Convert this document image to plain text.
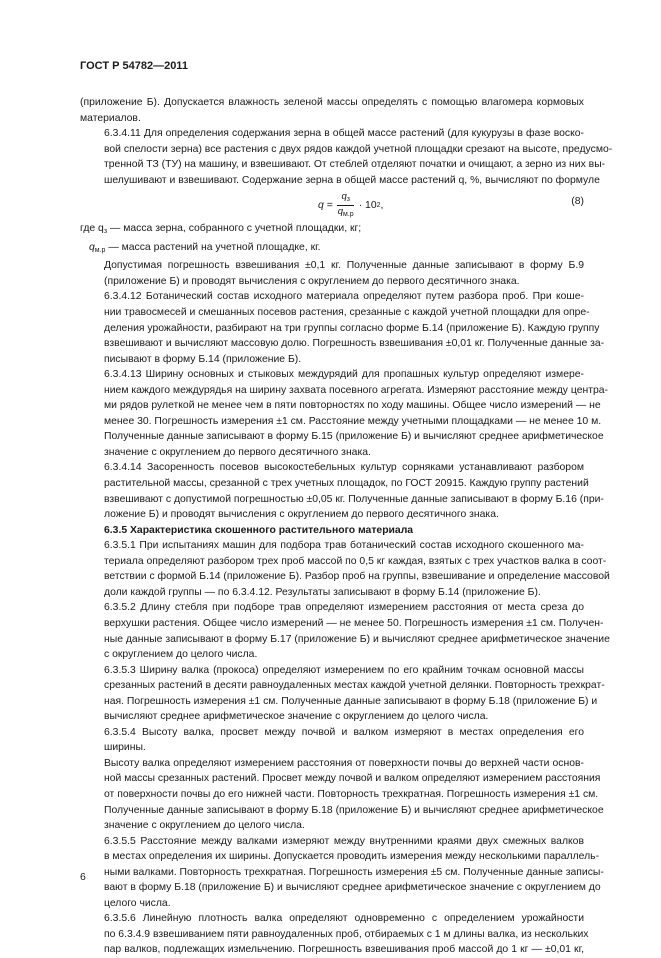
ГОСТ Р 54782—2011

(приложение Б). Допускается влажность зеленой массы определять с помощью влагомера кормовых
материалов.

6.3.4.11 Для определения содержания зерна в общей массе растений (для кукурузы в фазе воско-
вой спелости зерна) все растения с двух рядов каждой учетной площадки срезают на высоте, предусмо-
тренной ТЗ (ТУ) на машину, и взвешивают. От стеблей отделяют початки и очищают, а зерно из них вы-
шелушивают и взвешивают. Содержание зерна в общей массе растений q, %, вычисляют по формуле

$q = \frac{q_з}{q_{м.р}} \cdot 10$ 2 ,	(8)

где $q_з$ — масса зерна, собранного с учетной площадки, кг;
$q_{м.р}$ — масса растений на учетной площадке, кг.

Допустимая погрешность взвешивания ±0,1 кг. Полученные данные записывают в форму Б.9
(приложение Б) и проводят вычисления с округлением до первого десятичного знака.

6.3.4.12 Ботанический состав исходного материала определяют путем разбора проб. При коше-
нии травосмесей и смешанных посевов растения, срезанные с каждой учетной площадки для опре-
деления урожайности, разбирают на три группы согласно форме Б.14 (приложение Б). Каждую группу
взвешивают и вычисляют массовую долю. Погрешность взвешивания ±0,01 кг. Полученные данные за-
писывают в форму Б.14 (приложение Б).

6.3.4.13 Ширину основных и стыковых междурядий для пропашных культур определяют измере-
нием каждого междурядья на ширину захвата посевного агрегата. Измеряют расстояние между центра-
ми рядов рулеткой не менее чем в пяти повторностях по ходу машины. Общее число измерений — не
менее 30. Погрешность измерения ±1 см. Расстояние между учетными площадками — не менее 10 м.
Полученные данные записывают в форму Б.15 (приложение Б) и вычисляют среднее арифметическое
значение с округлением до первого десятичного знака.

6.3.4.14 Засоренность посевов высокостебельных культур сорняками устанавливают разбором
растительной массы, срезанной с трех учетных площадок, по ГОСТ 20915. Каждую группу растений
взвешивают с допустимой погрешностью ±0,05 кг. Полученные данные записывают в форму Б.16 (при-
ложение Б) и проводят вычисления с округлением до первого десятичного знака.

6.3.5 Характеристика скошенного растительного материала

6.3.5.1 При испытаниях машин для подбора трав ботанический состав исходного скошенного ма-
териала определяют разбором трех проб массой по 0,5 кг каждая, взятых с трех участков валка в соот-
ветствии с формой Б.14 (приложение Б). Разбор проб на группы, взвешивание и определение массовой
доли каждой группы — по 6.3.4.12. Результаты записывают в форму Б.14 (приложение Б).

6.3.5.2 Длину стебля при подборе трав определяют измерением расстояния от места среза до
верхушки растения. Общее число измерений — не менее 50. Погрешность измерения ±1 см. Получен-
ные данные записывают в форму Б.17 (приложение Б) и вычисляют среднее арифметическое значение
с округлением до целого числа.

6.3.5.3 Ширину валка (прокоса) определяют измерением по его крайним точкам основной массы
срезанных растений в десяти равноудаленных местах каждой учетной делянки. Повторность трехкрат-
ная. Погрешность измерения ±1 см. Полученные данные записывают в форму Б.18 (приложение Б) и
вычисляют среднее арифметическое значение с округлением до целого числа.

6.3.5.4 Высоту валка, просвет между почвой и валком измеряют в местах определения его
ширины.

Высоту валка определяют измерением расстояния от поверхности почвы до верхней части основ-
ной массы срезанных растений. Просвет между почвой и валком определяют измерением расстояния
от поверхности почвы до его нижней части. Повторность трехкратная. Погрешность измерения ±1 см.
Полученные данные записывают в форму Б.18 (приложение Б) и вычисляют среднее арифметическое
значение с округлением до целого числа.

6.3.5.5 Расстояние между валками измеряют между внутренними краями двух смежных валков
в местах определения их ширины. Допускается проводить измерения между несколькими параллель-
ными валками. Повторность трехкратная. Погрешность измерения ±5 см. Полученные данные записы-
вают в форму Б.18 (приложение Б) и вычисляют среднее арифметическое значение с округлением до
целого числа.

6.3.5.6 Линейную плотность валка определяют одновременно с определением урожайности
по 6.3.4.9 взвешиванием пяти равноудаленных проб, отбираемых с 1 м длины валка, из нескольких
пар валков, подлежащих измельчению. Погрешность взвешивания проб массой до 1 кг — ±0,01 кг,

6
